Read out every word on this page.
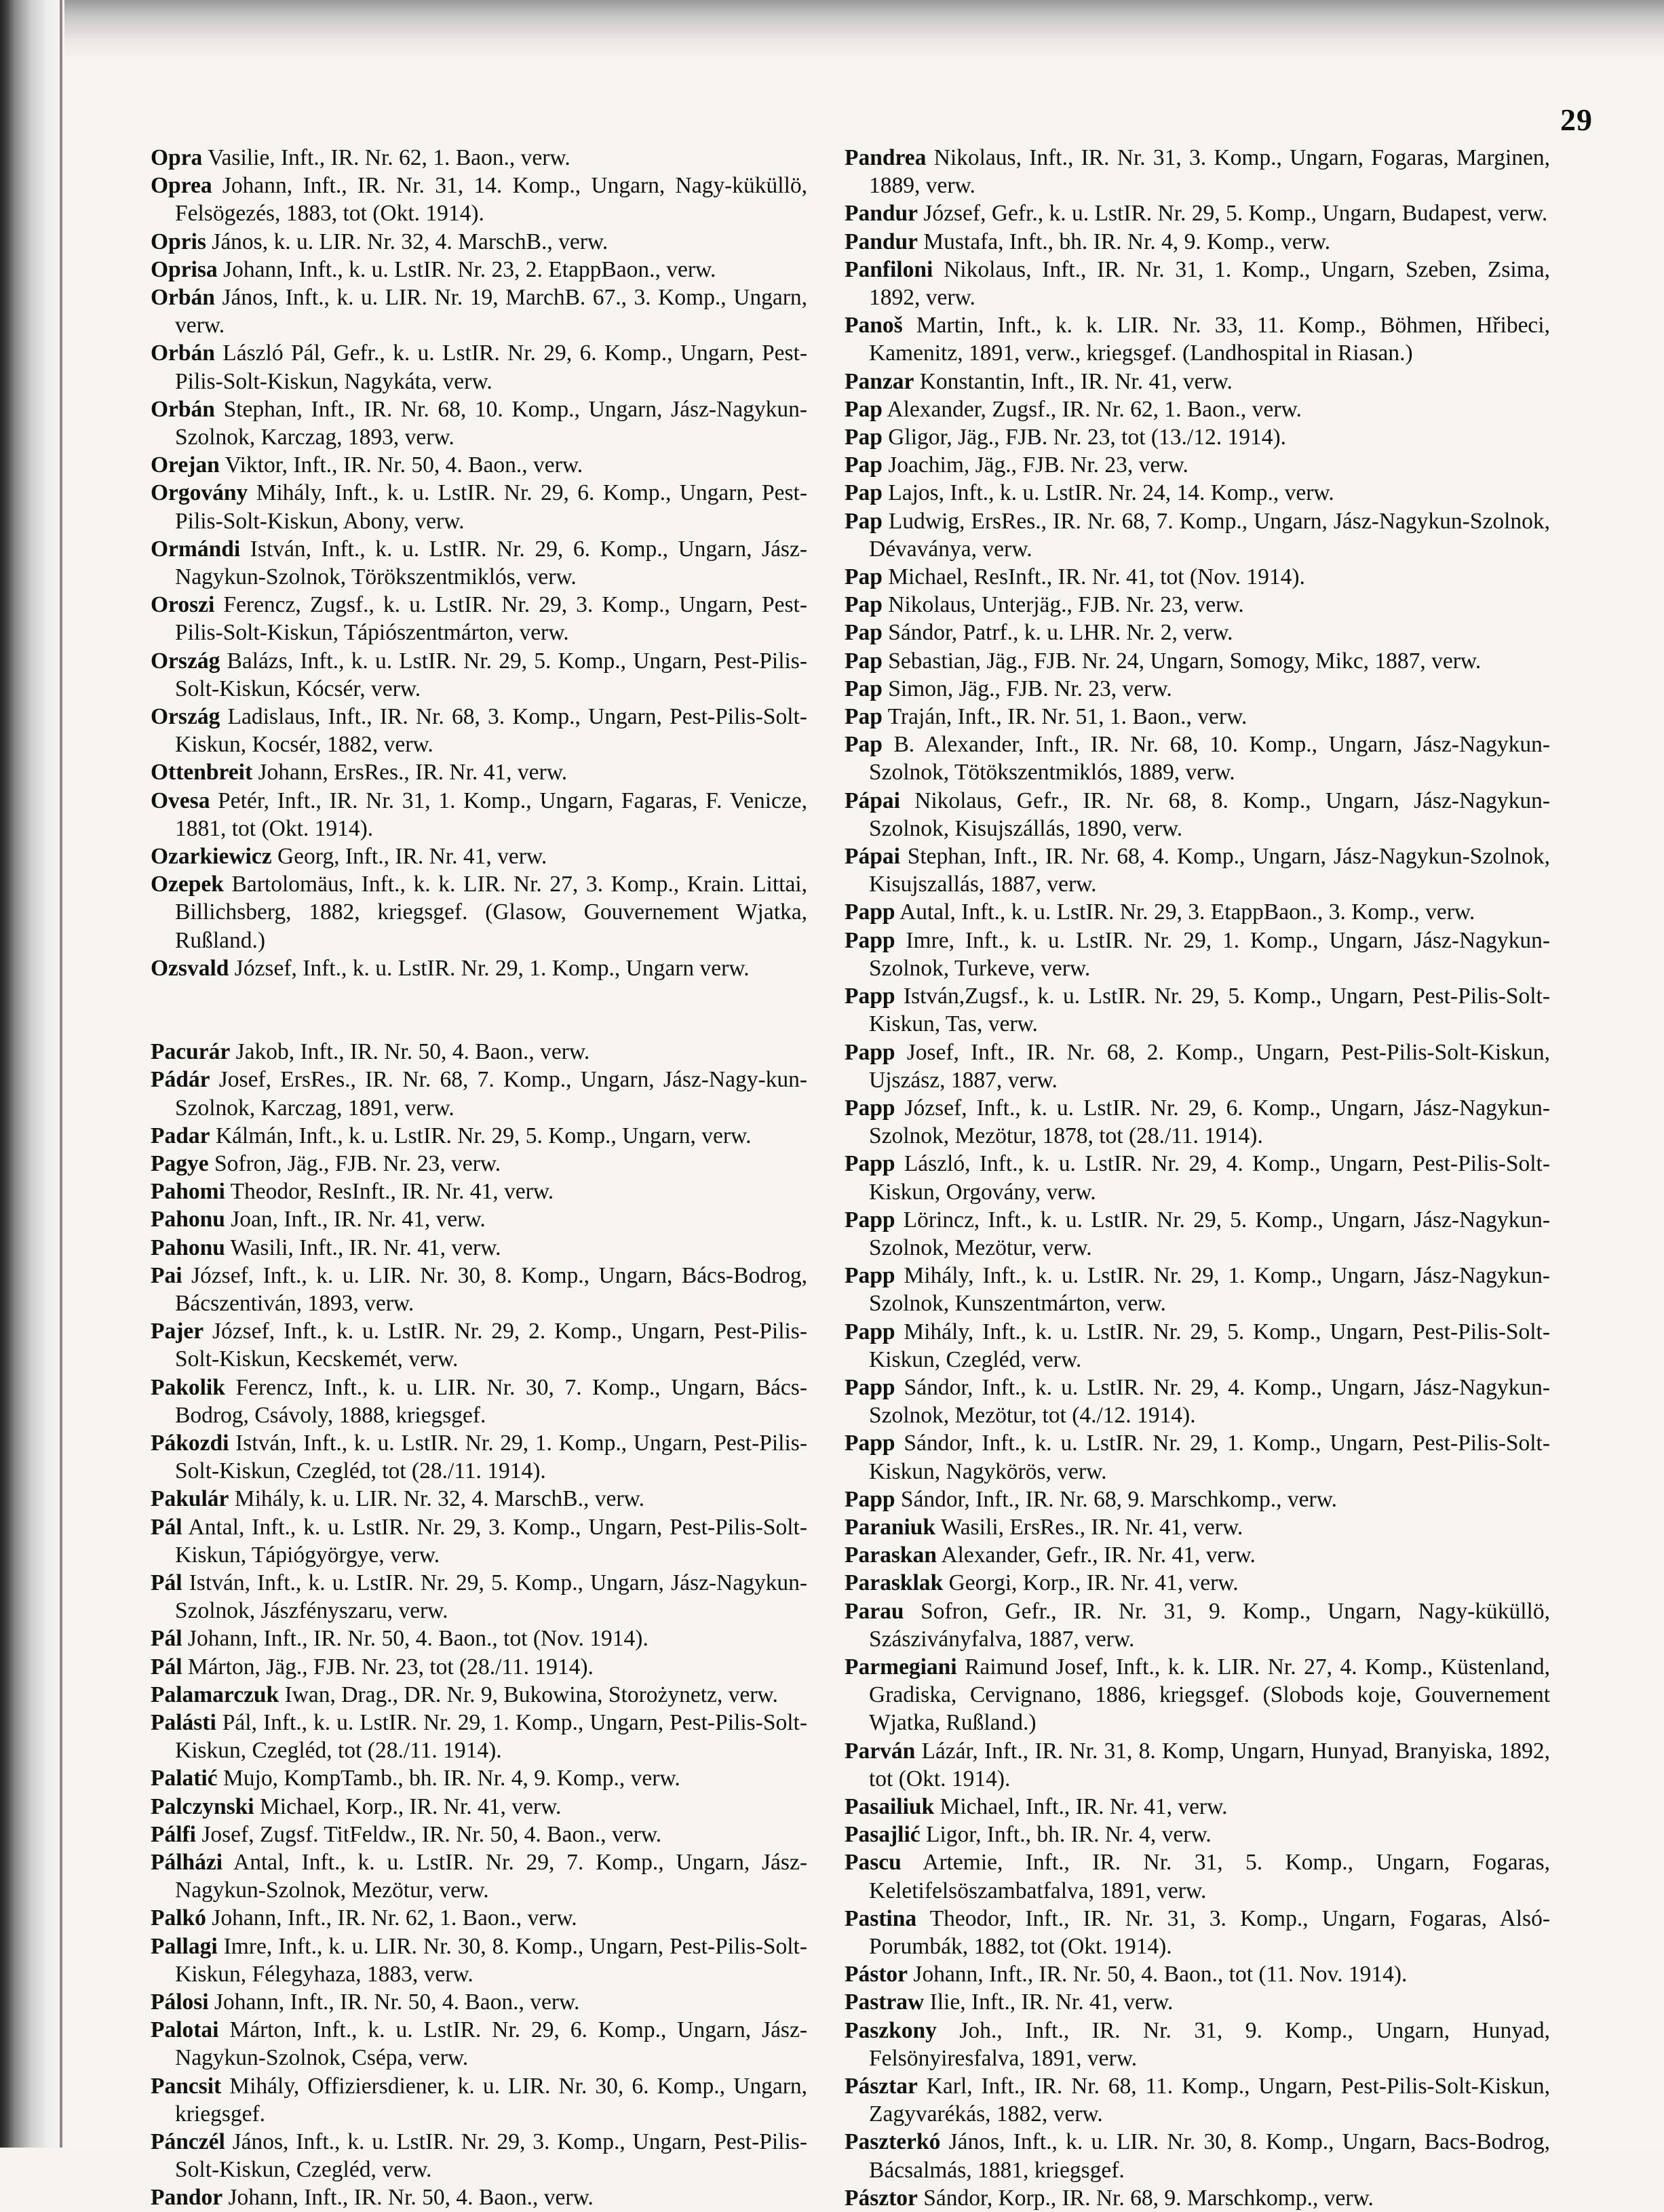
29
Opra Vasilie, Inft., IR. Nr. 62, 1. Baon., verw.
Oprea Johann, Inft., IR. Nr. 31, 14. Komp., Ungarn, Nagy-küküllö, Felsögezés, 1883, tot (Okt. 1914).
Opris János, k. u. LIR. Nr. 32, 4. MarschB., verw.
Oprisa Johann, Inft., k. u. LstIR. Nr. 23, 2. EtappBaon., verw.
Orbán János, Inft., k. u. LIR. Nr. 19, MarchB. 67., 3. Komp., Ungarn, verw.
Orbán László Pál, Gefr., k. u. LstIR. Nr. 29, 6. Komp., Ungarn, Pest-Pilis-Solt-Kiskun, Nagykáta, verw.
Orbán Stephan, Inft., IR. Nr. 68, 10. Komp., Ungarn, Jász-Nagykun-Szolnok, Karczag, 1893, verw.
Orejan Viktor, Inft., IR. Nr. 50, 4. Baon., verw.
Orgovány Mihály, Inft., k. u. LstIR. Nr. 29, 6. Komp., Ungarn, Pest-Pilis-Solt-Kiskun, Abony, verw.
Ormándi István, Inft., k. u. LstIR. Nr. 29, 6. Komp., Ungarn, Jász-Nagykun-Szolnok, Törökszentmiklós, verw.
Oroszi Ferencz, Zugsf., k. u. LstIR. Nr. 29, 3. Komp., Ungarn, Pest-Pilis-Solt-Kiskun, Tápiószentmárton, verw.
Ország Balázs, Inft., k. u. LstIR. Nr. 29, 5. Komp., Ungarn, Pest-Pilis-Solt-Kiskun, Kócsér, verw.
Ország Ladislaus, Inft., IR. Nr. 68, 3. Komp., Ungarn, Pest-Pilis-Solt-Kiskun, Kocsér, 1882, verw.
Ottenbreit Johann, ErsRes., IR. Nr. 41, verw.
Ovesa Petér, Inft., IR. Nr. 31, 1. Komp., Ungarn, Fagaras, F. Venicze, 1881, tot (Okt. 1914).
Ozarkiewicz Georg, Inft., IR. Nr. 41, verw.
Ozepek Bartolomäus, Inft., k. k. LIR. Nr. 27, 3. Komp., Krain. Littai, Billichsberg, 1882, kriegsgef. (Glasow, Gouvernement Wjatka, Rußland.)
Ozsvald József, Inft., k. u. LstIR. Nr. 29, 1. Komp., Ungarn verw.
Pacurár Jakob, Inft., IR. Nr. 50, 4. Baon., verw.
Pádár Josef, ErsRes., IR. Nr. 68, 7. Komp., Ungarn, Jász-Nagy-kun-Szolnok, Karczag, 1891, verw.
Padar Kálmán, Inft., k. u. LstIR. Nr. 29, 5. Komp., Ungarn, verw.
Pagye Sofron, Jäg., FJB. Nr. 23, verw.
Pahomi Theodor, ResInft., IR. Nr. 41, verw.
Pahonu Joan, Inft., IR. Nr. 41, verw.
Pahonu Wasili, Inft., IR. Nr. 41, verw.
Pai József, Inft., k. u. LIR. Nr. 30, 8. Komp., Ungarn, Bács-Bodrog, Bácszentiván, 1893, verw.
Pajer József, Inft., k. u. LstIR. Nr. 29, 2. Komp., Ungarn, Pest-Pilis-Solt-Kiskun, Kecskemét, verw.
Pakolik Ferencz, Inft., k. u. LIR. Nr. 30, 7. Komp., Ungarn, Bács-Bodrog, Csávoly, 1888, kriegsgef.
Pákozdi István, Inft., k. u. LstIR. Nr. 29, 1. Komp., Ungarn, Pest-Pilis-Solt-Kiskun, Czegléd, tot (28./11. 1914).
Pakulár Mihály, k. u. LIR. Nr. 32, 4. MarschB., verw.
Pál Antal, Inft., k. u. LstIR. Nr. 29, 3. Komp., Ungarn, Pest-Pilis-Solt-Kiskun, Tápiógyörgye, verw.
Pál István, Inft., k. u. LstIR. Nr. 29, 5. Komp., Ungarn, Jász-Nagykun-Szolnok, Jászfényszaru, verw.
Pál Johann, Inft., IR. Nr. 50, 4. Baon., tot (Nov. 1914).
Pál Márton, Jäg., FJB. Nr. 23, tot (28./11. 1914).
Palamarczuk Iwan, Drag., DR. Nr. 9, Bukowina, Storożynetz, verw.
Palásti Pál, Inft., k. u. LstIR. Nr. 29, 1. Komp., Ungarn, Pest-Pilis-Solt-Kiskun, Czegléd, tot (28./11. 1914).
Palatić Mujo, KompTamb., bh. IR. Nr. 4, 9. Komp., verw.
Palczynski Michael, Korp., IR. Nr. 41, verw.
Pálfi Josef, Zugsf. TitFeldw., IR. Nr. 50, 4. Baon., verw.
Pálházi Antal, Inft., k. u. LstIR. Nr. 29, 7. Komp., Ungarn, Jász-Nagykun-Szolnok, Mezötur, verw.
Palkó Johann, Inft., IR. Nr. 62, 1. Baon., verw.
Pallagi Imre, Inft., k. u. LIR. Nr. 30, 8. Komp., Ungarn, Pest-Pilis-Solt-Kiskun, Félegyhaza, 1883, verw.
Pálosi Johann, Inft., IR. Nr. 50, 4. Baon., verw.
Palotai Márton, Inft., k. u. LstIR. Nr. 29, 6. Komp., Ungarn, Jász-Nagykun-Szolnok, Csépa, verw.
Pancsit Mihály, Offiziersdiener, k. u. LIR. Nr. 30, 6. Komp., Ungarn, kriegsgef.
Pánczél János, Inft., k. u. LstIR. Nr. 29, 3. Komp., Ungarn, Pest-Pilis-Solt-Kiskun, Czegléd, verw.
Pandor Johann, Inft., IR. Nr. 50, 4. Baon., verw.
Pandrea Nikolaus, Inft., IR. Nr. 31, 3. Komp., Ungarn, Fogaras, Marginen, 1889, verw.
Pandur József, Gefr., k. u. LstIR. Nr. 29, 5. Komp., Ungarn, Budapest, verw.
Pandur Mustafa, Inft., bh. IR. Nr. 4, 9. Komp., verw.
Panfiloni Nikolaus, Inft., IR. Nr. 31, 1. Komp., Ungarn, Szeben, Zsima, 1892, verw.
Panoš Martin, Inft., k. k. LIR. Nr. 33, 11. Komp., Böhmen, Hřibeci, Kamenitz, 1891, verw., kriegsgef. (Landhospital in Riasan.)
Panzar Konstantin, Inft., IR. Nr. 41, verw.
Pap Alexander, Zugsf., IR. Nr. 62, 1. Baon., verw.
Pap Gligor, Jäg., FJB. Nr. 23, tot (13./12. 1914).
Pap Joachim, Jäg., FJB. Nr. 23, verw.
Pap Lajos, Inft., k. u. LstIR. Nr. 24, 14. Komp., verw.
Pap Ludwig, ErsRes., IR. Nr. 68, 7. Komp., Ungarn, Jász-Nagykun-Szolnok, Dévaványa, verw.
Pap Michael, ResInft., IR. Nr. 41, tot (Nov. 1914).
Pap Nikolaus, Unterjäg., FJB. Nr. 23, verw.
Pap Sándor, Patrf., k. u. LHR. Nr. 2, verw.
Pap Sebastian, Jäg., FJB. Nr. 24, Ungarn, Somogy, Mikc, 1887, verw.
Pap Simon, Jäg., FJB. Nr. 23, verw.
Pap Traján, Inft., IR. Nr. 51, 1. Baon., verw.
Pap B. Alexander, Inft., IR. Nr. 68, 10. Komp., Ungarn, Jász-Nagykun-Szolnok, Tötökszentmiklós, 1889, verw.
Pápai Nikolaus, Gefr., IR. Nr. 68, 8. Komp., Ungarn, Jász-Nagykun-Szolnok, Kisujszállás, 1890, verw.
Pápai Stephan, Inft., IR. Nr. 68, 4. Komp., Ungarn, Jász-Nagykun-Szolnok, Kisujszallás, 1887, verw.
Papp Autal, Inft., k. u. LstIR. Nr. 29, 3. EtappBaon., 3. Komp., verw.
Papp Imre, Inft., k. u. LstIR. Nr. 29, 1. Komp., Ungarn, Jász-Nagykun-Szolnok, Turkeve, verw.
Papp István,Zugsf., k. u. LstIR. Nr. 29, 5. Komp., Ungarn, Pest-Pilis-Solt-Kiskun, Tas, verw.
Papp Josef, Inft., IR. Nr. 68, 2. Komp., Ungarn, Pest-Pilis-Solt-Kiskun, Ujszász, 1887, verw.
Papp József, Inft., k. u. LstIR. Nr. 29, 6. Komp., Ungarn, Jász-Nagykun-Szolnok, Mezötur, 1878, tot (28./11. 1914).
Papp László, Inft., k. u. LstIR. Nr. 29, 4. Komp., Ungarn, Pest-Pilis-Solt-Kiskun, Orgovány, verw.
Papp Lörincz, Inft., k. u. LstIR. Nr. 29, 5. Komp., Ungarn, Jász-Nagykun-Szolnok, Mezötur, verw.
Papp Mihály, Inft., k. u. LstIR. Nr. 29, 1. Komp., Ungarn, Jász-Nagykun-Szolnok, Kunszentmárton, verw.
Papp Mihály, Inft., k. u. LstIR. Nr. 29, 5. Komp., Ungarn, Pest-Pilis-Solt-Kiskun, Czegléd, verw.
Papp Sándor, Inft., k. u. LstIR. Nr. 29, 4. Komp., Ungarn, Jász-Nagykun-Szolnok, Mezötur, tot (4./12. 1914).
Papp Sándor, Inft., k. u. LstIR. Nr. 29, 1. Komp., Ungarn, Pest-Pilis-Solt-Kiskun, Nagykörös, verw.
Papp Sándor, Inft., IR. Nr. 68, 9. Marschkomp., verw.
Paraniuk Wasili, ErsRes., IR. Nr. 41, verw.
Paraskan Alexander, Gefr., IR. Nr. 41, verw.
Parasklak Georgi, Korp., IR. Nr. 41, verw.
Parau Sofron, Gefr., IR. Nr. 31, 9. Komp., Ungarn, Nagy-küküllö, Szásziványfalva, 1887, verw.
Parmegiani Raimund Josef, Inft., k. k. LIR. Nr. 27, 4. Komp., Küstenland, Gradiska, Cervignano, 1886, kriegsgef. (Slobods koje, Gouvernement Wjatka, Rußland.)
Parván Lázár, Inft., IR. Nr. 31, 8. Komp, Ungarn, Hunyad, Branyiska, 1892, tot (Okt. 1914).
Pasailiuk Michael, Inft., IR. Nr. 41, verw.
Pasajlić Ligor, Inft., bh. IR. Nr. 4, verw.
Pascu Artemie, Inft., IR. Nr. 31, 5. Komp., Ungarn, Fogaras, Keletifelsöszambatfalva, 1891, verw.
Pastina Theodor, Inft., IR. Nr. 31, 3. Komp., Ungarn, Fogaras, Alsó-Porumbák, 1882, tot (Okt. 1914).
Pástor Johann, Inft., IR. Nr. 50, 4. Baon., tot (11. Nov. 1914).
Pastraw Ilie, Inft., IR. Nr. 41, verw.
Paszkony Joh., Inft., IR. Nr. 31, 9. Komp., Ungarn, Hunyad, Felsönyiresfalva, 1891, verw.
Pásztar Karl, Inft., IR. Nr. 68, 11. Komp., Ungarn, Pest-Pilis-Solt-Kiskun, Zagyvarékás, 1882, verw.
Paszterkó János, Inft., k. u. LIR. Nr. 30, 8. Komp., Ungarn, Bacs-Bodrog, Bácsalmás, 1881, kriegsgef.
Pásztor Sándor, Korp., IR. Nr. 68, 9. Marschkomp., verw.
